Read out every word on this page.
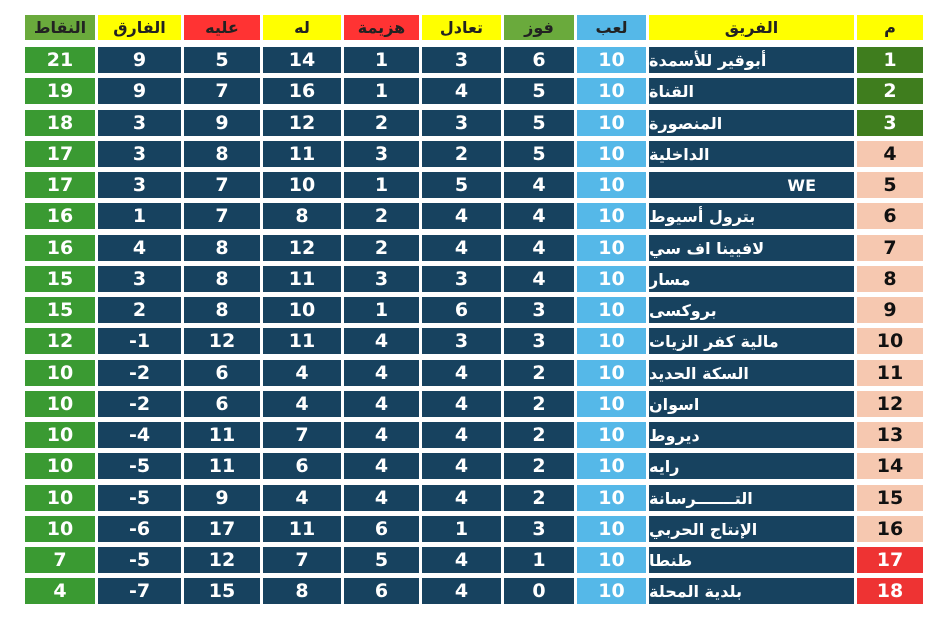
النقاط	الفارق	عليه	له	هزيمة	تعادل	فوز	لعب	الفريق	م
21	9	5	14	1	3	6	10	أبوقير للأسمدة	1
19	9	7	16	1	4	5	10	القناة	2
18	3	9	12	2	3	5	10	المنصورة	3
17	3	8	11	3	2	5	10	الداخلية	4
17	3	7	10	1	5	4	10	WE	5
16	1	7	8	2	4	4	10	بترول أسيوط	6
16	4	8	12	2	4	4	10	لافيينا اف سي	7
15	3	8	11	3	3	4	10	مسار	8
15	2	8	10	1	6	3	10	بروكسى	9
12	-1	12	11	4	3	3	10	مالية كفر الزيات	10
10	-2	6	4	4	4	2	10	السكة الحديد	11
10	-2	6	4	4	4	2	10	اسوان	12
10	-4	11	7	4	4	2	10	ديروط	13
10	-5	11	6	4	4	2	10	رايه	14
10	-5	9	4	4	4	2	10	التـــــــرسانة	15
10	-6	17	11	6	1	3	10	الإنتاج الحربي	16
7	-5	12	7	5	4	1	10	طنطا	17
4	-7	15	8	6	4	0	10	بلدية المحلة	18
